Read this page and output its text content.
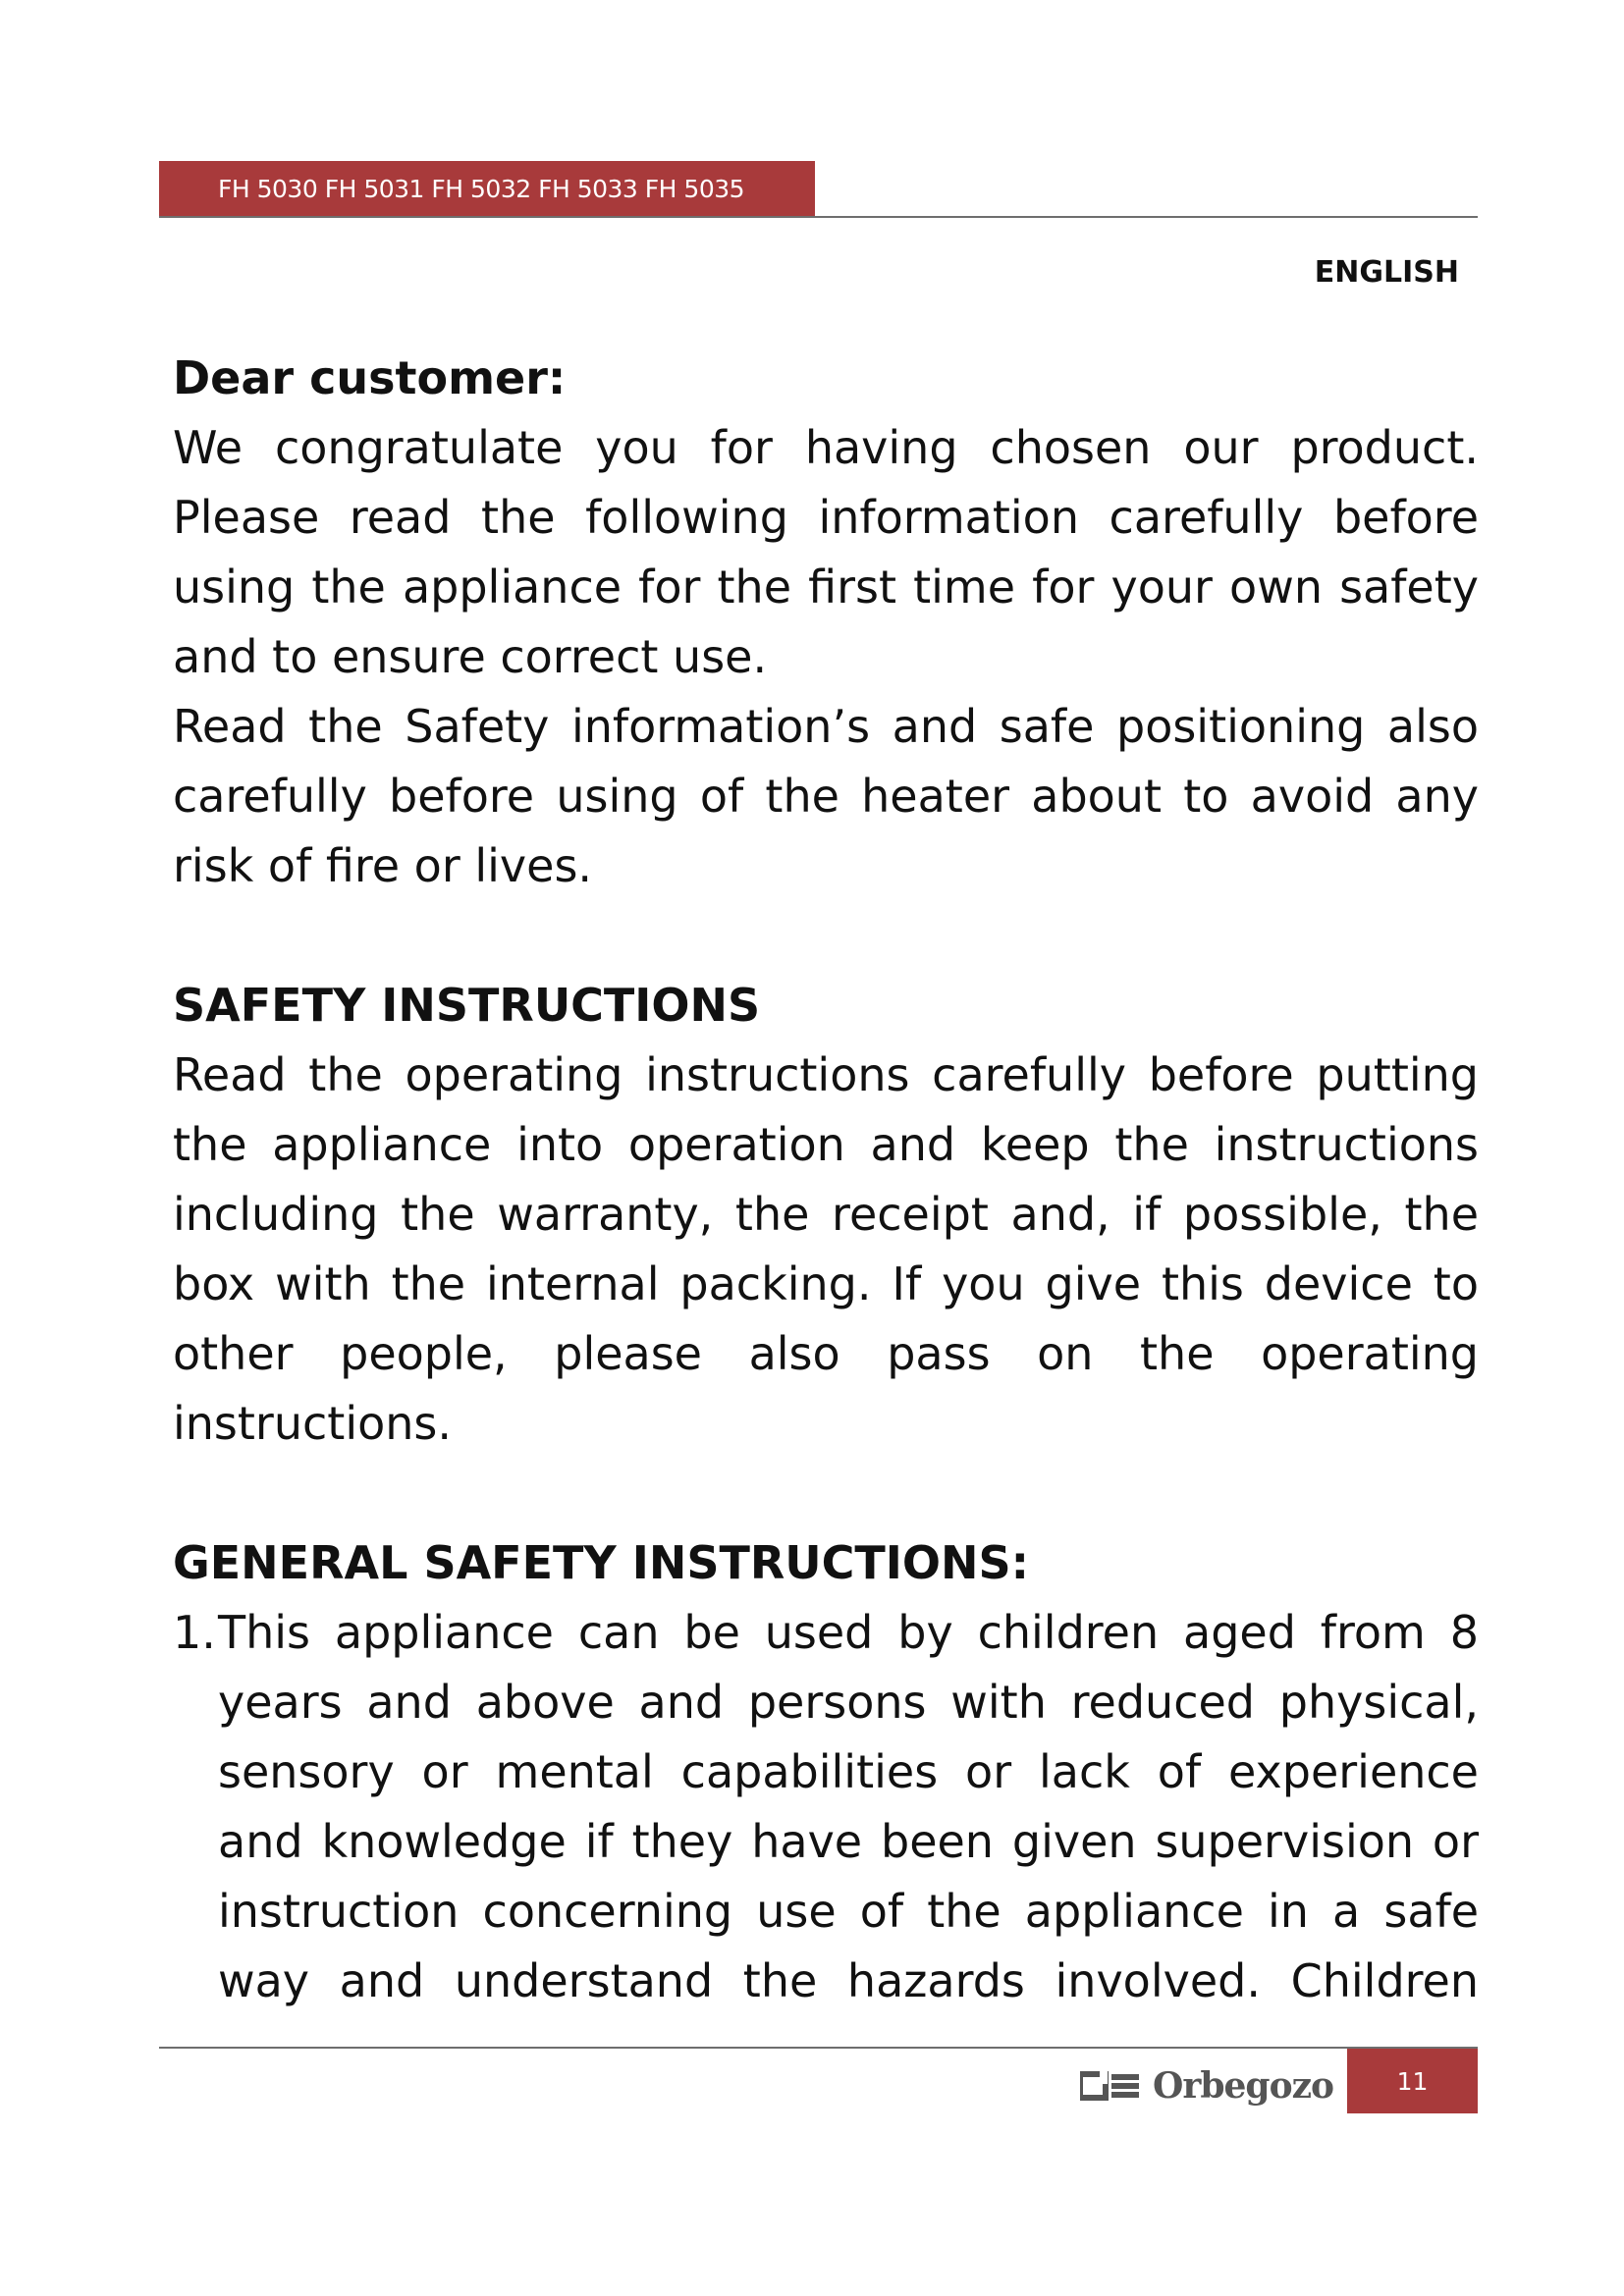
FH 5030 FH 5031 FH 5032 FH 5033 FH 5035
ENGLISH

Dear customer:

We congratulate you for having chosen our product. Please read the following information carefully before using the appliance for the first time for your own safety and to ensure correct use.

Read the Safety information’s and safe positioning also carefully before using of the heater about to avoid any risk of fire or lives.

SAFETY INSTRUCTIONS

Read the operating instructions carefully before putting the appliance into operation and keep the instructions including the warranty, the receipt and, if possible, the box with the internal packing. If you give this device to other people, please also pass on the operating instructions.

GENERAL SAFETY INSTRUCTIONS:

1. This appliance can be used by children aged from 8 years and above and persons with reduced physical, sensory or mental capabilities or lack of experience and knowledge if they have been given supervision or instruction concerning use of the appliance in a safe way and understand the hazards involved. Children
Orbegozo	11
